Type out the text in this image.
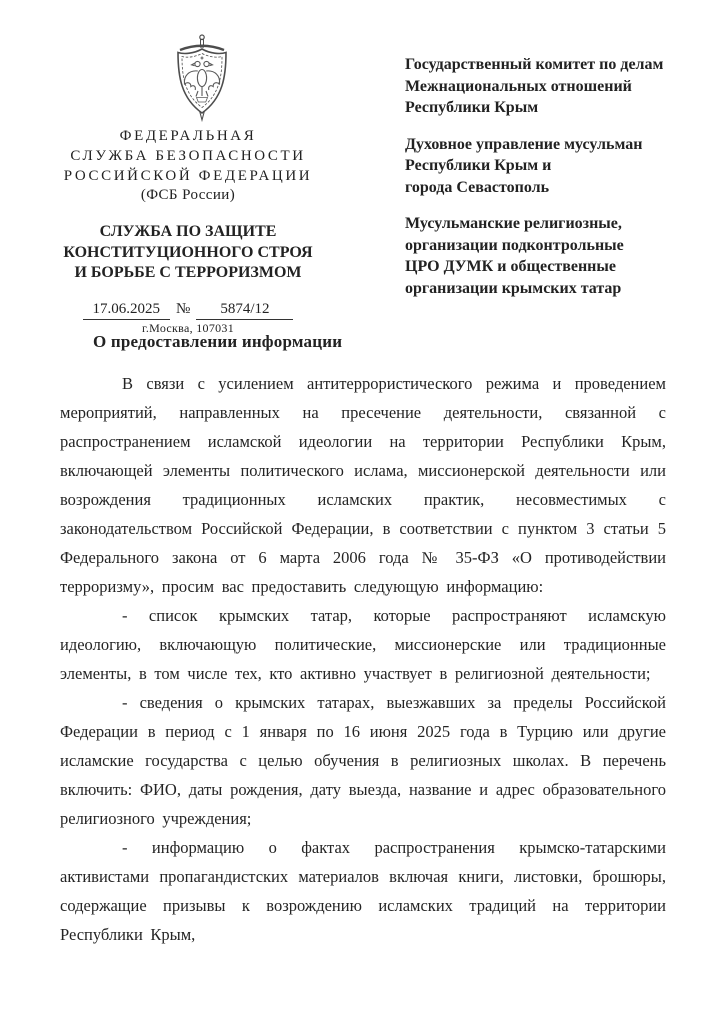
ФЕДЕРАЛЬНАЯ
СЛУЖБА БЕЗОПАСНОСТИ
РОССИЙСКОЙ ФЕДЕРАЦИИ
(ФСБ России)
СЛУЖБА ПО ЗАЩИТЕ
КОНСТИТУЦИОННОГО СТРОЯ
И БОРЬБЕ С ТЕРРОРИЗМОМ
17.06.2025 № 5874/12
г.Москва, 107031
Государственный комитет по делам
Межнациональных отношений
Республики Крым
Духовное управление мусульман
Республики Крым и
города Севастополь
Мусульманские религиозные,
организации подконтрольные
ЦРО ДУМК и общественные
организации крымских татар
О предоставлении информации

В связи с усилением антитеррористического режима и проведением мероприятий, направленных на пресечение деятельности, связанной с распространением исламской идеологии на территории Республики Крым, включающей элементы политического ислама, миссионерской деятельности или возрождения традиционных исламских практик, несовместимых с законодательством Российской Федерации, в соответствии с пунктом 3 статьи 5 Федерального закона от 6 марта 2006 года № 35-ФЗ «О противодействии терроризму», просим вас предоставить следующую информацию:

- список крымских татар, которые распространяют исламскую идеологию, включающую политические, миссионерские или традиционные элементы, в том числе тех, кто активно участвует в религиозной деятельности;

- сведения о крымских татарах, выезжавших за пределы Российской Федерации в период с 1 января по 16 июня 2025 года в Турцию или другие исламские государства с целью обучения в религиозных школах. В перечень включить: ФИО, даты рождения, дату выезда, название и адрес образовательного религиозного учреждения;

- информацию о фактах распространения крымско-татарскими активистами пропагандистских материалов включая книги, листовки, брошюры, содержащие призывы к возрождению исламских традиций на территории Республики Крым,
